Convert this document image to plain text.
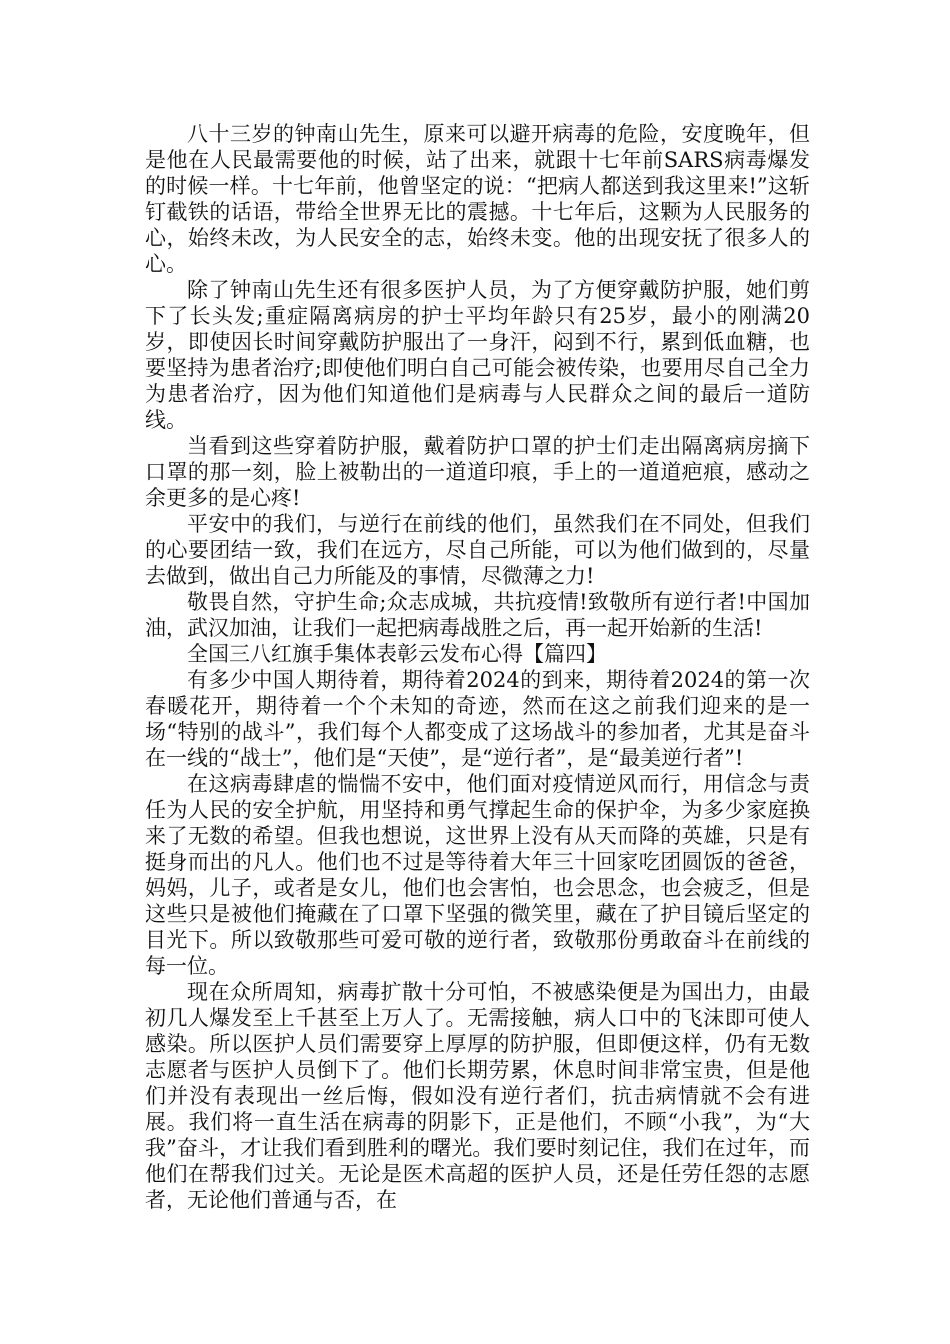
八十三岁的钟南山先生，原来可以避开病毒的危险，安度晚年，但是他在人民最需要他的时候，站了出来，就跟十七年前SARS病毒爆发的时候一样。十七年前，他曾坚定的说：“把病人都送到我这里来!”这斩钉截铁的话语，带给全世界无比的震撼。十七年后，这颗为人民服务的心，始终未改，为人民安全的志，始终未变。他的出现安抚了很多人的心。

除了钟南山先生还有很多医护人员，为了方便穿戴防护服，她们剪下了长头发;重症隔离病房的护士平均年龄只有25岁，最小的刚满20岁，即使因长时间穿戴防护服出了一身汗，闷到不行，累到低血糖，也要坚持为患者治疗;即使他们明白自己可能会被传染，也要用尽自己全力为患者治疗，因为他们知道他们是病毒与人民群众之间的最后一道防线。

当看到这些穿着防护服，戴着防护口罩的护士们走出隔离病房摘下口罩的那一刻，脸上被勒出的一道道印痕，手上的一道道疤痕，感动之余更多的是心疼!

平安中的我们，与逆行在前线的他们，虽然我们在不同处，但我们的心要团结一致，我们在远方，尽自己所能，可以为他们做到的，尽量去做到，做出自己力所能及的事情，尽微薄之力!

敬畏自然，守护生命;众志成城，共抗疫情!致敬所有逆行者!中国加油，武汉加油，让我们一起把病毒战胜之后，再一起开始新的生活!

全国三八红旗手集体表彰云发布心得【篇四】

有多少中国人期待着，期待着2024的到来，期待着2024的第一次春暖花开，期待着一个个未知的奇迹，然而在这之前我们迎来的是一场“特别的战斗”，我们每个人都变成了这场战斗的参加者，尤其是奋斗在一线的“战士”，他们是“天使”，是“逆行者”，是“最美逆行者”!

在这病毒肆虐的惴惴不安中，他们面对疫情逆风而行，用信念与责任为人民的安全护航，用坚持和勇气撑起生命的保护伞，为多少家庭换来了无数的希望。但我也想说，这世界上没有从天而降的英雄，只是有挺身而出的凡人。他们也不过是等待着大年三十回家吃团圆饭的爸爸，妈妈，儿子，或者是女儿，他们也会害怕，也会思念，也会疲乏，但是这些只是被他们掩藏在了口罩下坚强的微笑里，藏在了护目镜后坚定的目光下。所以致敬那些可爱可敬的逆行者，致敬那份勇敢奋斗在前线的每一位。

现在众所周知，病毒扩散十分可怕，不被感染便是为国出力，由最初几人爆发至上千甚至上万人了。无需接触，病人口中的飞沫即可使人感染。所以医护人员们需要穿上厚厚的防护服，但即便这样，仍有无数志愿者与医护人员倒下了。他们长期劳累，休息时间非常宝贵，但是他们并没有表现出一丝后悔，假如没有逆行者们，抗击病情就不会有进展。我们将一直生活在病毒的阴影下，正是他们，不顾“小我”，为“大我”奋斗，才让我们看到胜利的曙光。我们要时刻记住，我们在过年，而他们在帮我们过关。无论是医术高超的医护人员，还是任劳任怨的志愿者，无论他们普通与否，在
